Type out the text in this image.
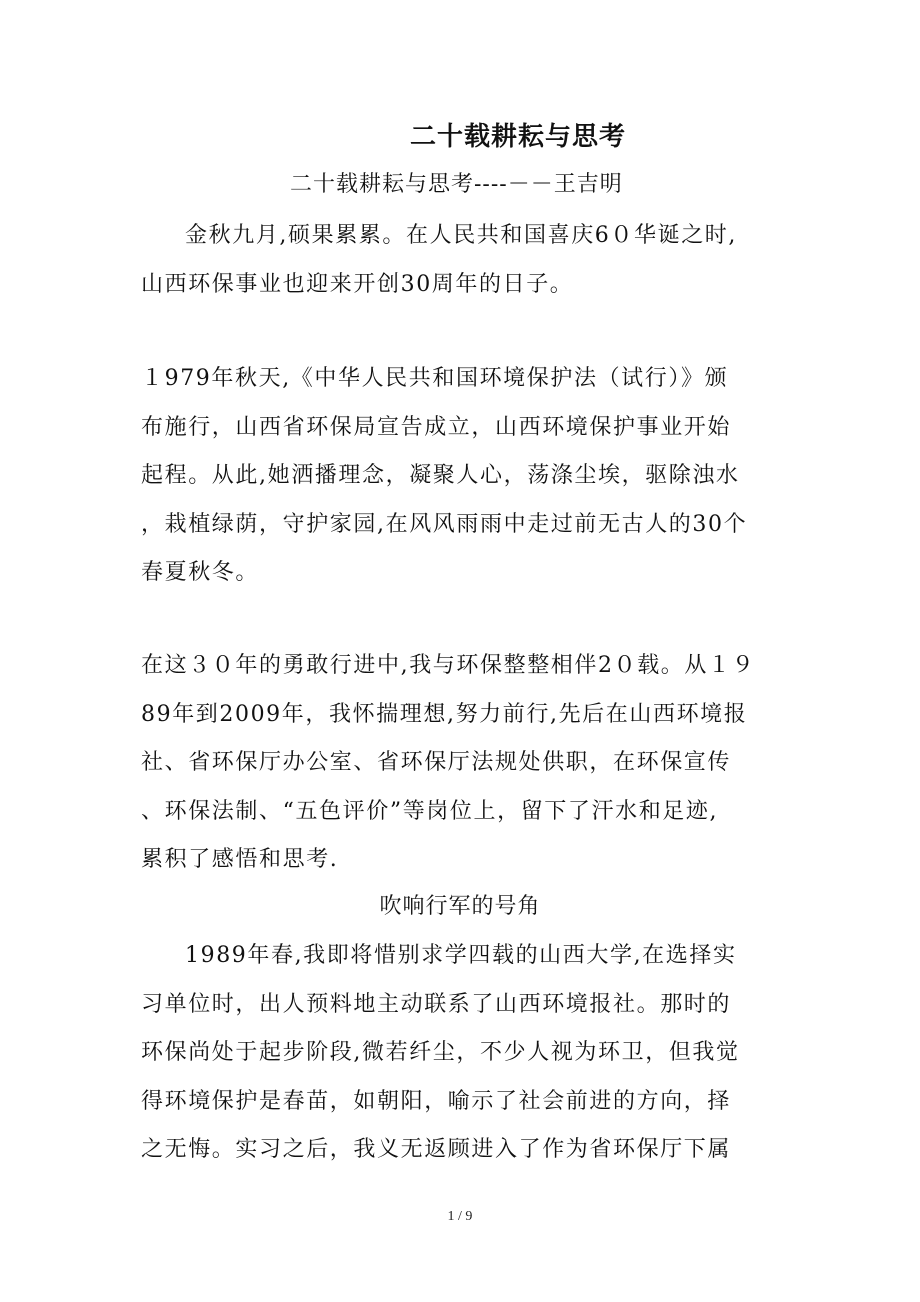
二十载耕耘与思考
二十载耕耘与思考----－－王吉明
金秋九月,硕果累累。在人民共和国喜庆6０华诞之时,
山西环保事业也迎来开创30周年的日子。
１979年秋天,《中华人民共和国环境保护法（试行）》颁
布施行，山西省环保局宣告成立，山西环境保护事业开始
起程。从此,她洒播理念，凝聚人心，荡涤尘埃，驱除浊水
，栽植绿荫，守护家园,在风风雨雨中走过前无古人的30个
春夏秋冬。
在这３０年的勇敢行进中,我与环保整整相伴2０载。从１９
89年到2009年，我怀揣理想,努力前行,先后在山西环境报
社、省环保厅办公室、省环保厅法规处供职，在环保宣传
、环保法制、“五色评价”等岗位上，留下了汗水和足迹,
累积了感悟和思考.
吹响行军的号角
1989年春,我即将惜别求学四载的山西大学,在选择实
习单位时，出人预料地主动联系了山西环境报社。那时的
环保尚处于起步阶段,微若纤尘，不少人视为环卫，但我觉
得环境保护是春苗，如朝阳，喻示了社会前进的方向，择
之无悔。实习之后，我义无返顾进入了作为省环保厅下属
1 / 9
